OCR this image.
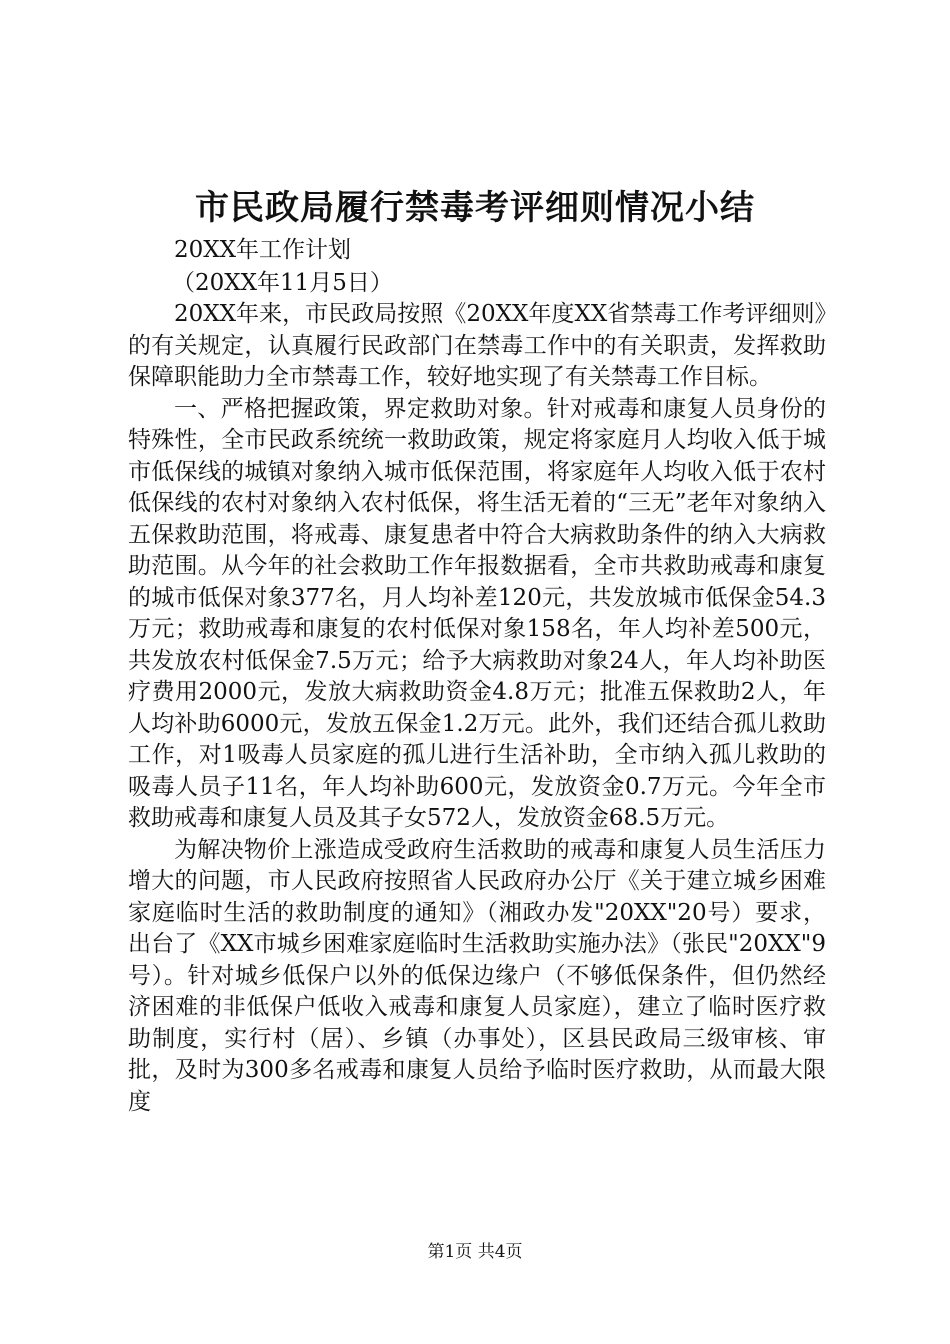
市民政局履行禁毒考评细则情况小结

20XX年工作计划

（20XX年11月5日）

20XX年来，市民政局按照《20XX年度XX省禁毒工作考评细则》的有关规定，认真履行民政部门在禁毒工作中的有关职责，发挥救助保障职能助力全市禁毒工作，较好地实现了有关禁毒工作目标。

一、严格把握政策，界定救助对象。针对戒毒和康复人员身份的特殊性，全市民政系统统一救助政策，规定将家庭月人均收入低于城市低保线的城镇对象纳入城市低保范围，将家庭年人均收入低于农村低保线的农村对象纳入农村低保，将生活无着的“三无”老年对象纳入五保救助范围，将戒毒、康复患者中符合大病救助条件的纳入大病救助范围。从今年的社会救助工作年报数据看，全市共救助戒毒和康复的城市低保对象377名，月人均补差120元，共发放城市低保金54.3万元；救助戒毒和康复的农村低保对象158名，年人均补差500元，共发放农村低保金7.5万元；给予大病救助对象24人，年人均补助医疗费用2000元，发放大病救助资金4.8万元；批准五保救助2人，年人均补助6000元，发放五保金1.2万元。此外，我们还结合孤儿救助工作，对1吸毒人员家庭的孤儿进行生活补助，全市纳入孤儿救助的吸毒人员子11名，年人均补助600元，发放资金0.7万元。今年全市救助戒毒和康复人员及其子女572人，发放资金68.5万元。

为解决物价上涨造成受政府生活救助的戒毒和康复人员生活压力增大的问题，市人民政府按照省人民政府办公厅《关于建立城乡困难家庭临时生活的救助制度的通知》（湘政办发"20XX"20号）要求，出台了《XX市城乡困难家庭临时生活救助实施办法》（张民"20XX"9号）。针对城乡低保户以外的低保边缘户（不够低保条件，但仍然经济困难的非低保户低收入戒毒和康复人员家庭），建立了临时医疗救助制度，实行村（居）、乡镇（办事处），区县民政局三级审核、审批，及时为300多名戒毒和康复人员给予临时医疗救助，从而最大限度

第1页 共4页
